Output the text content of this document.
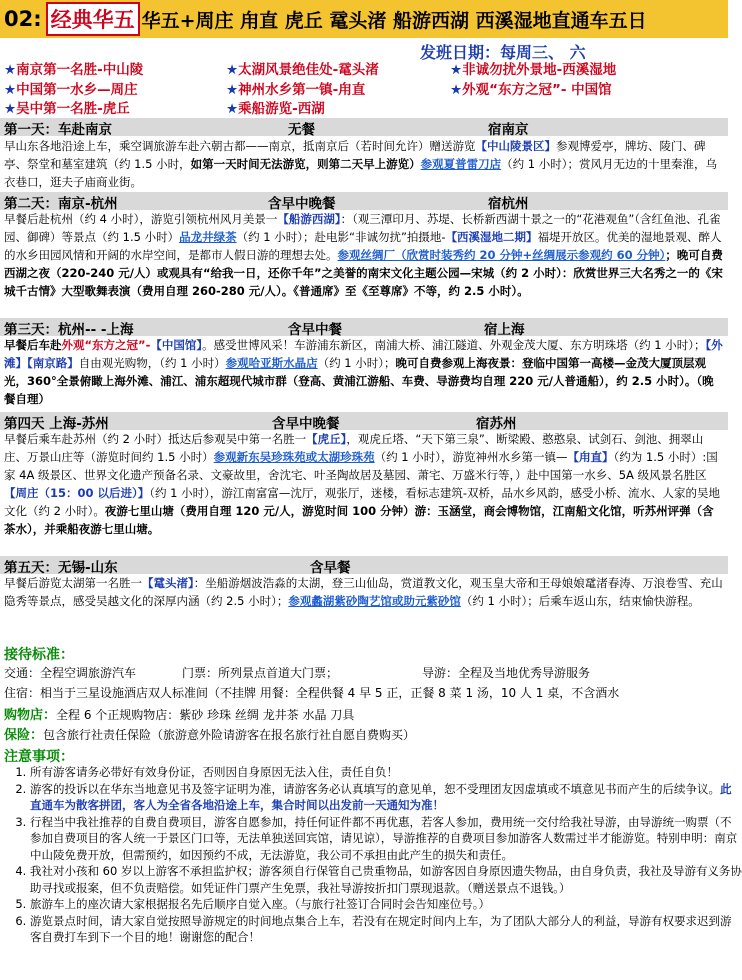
02: 经典华五 华五+周庄 甪直 虎丘 鼋头渚 船游西湖 西溪湿地直通车五日
发班日期：每周三、 六
★南京第一名胜-中山陵	★太湖风景绝佳处-鼋头渚	★非诚勿扰外景地-西溪湿地
★中国第一水乡—周庄	★神州水乡第一镇-甪直	★外观“东方之冠”- 中国馆
★吴中第一名胜-虎丘	★乘船游览-西湖
第一天：车赴南京	无餐	宿南京
早山东各地沿途上车，乘空调旅游车赴六朝古都——南京，抵南京后（若时间允许）赠送游览【中山陵景区】参观博爱亭，牌坊、陵门、碑亭、祭堂和墓室建筑（约 1.5 小时，如第一天时间无法游览，则第二天早上游览）参观夏普雷刀店（约 1 小时）；赏风月无边的十里秦淮，乌衣巷口，逛夫子庙商业街。
第二天：南京-杭州	含早中晚餐	宿杭州
早餐后赴杭州（约 4 小时），游览引领杭州风月美景一【船游西湖】：（观三潭印月、苏堤、长桥新西湖十景之一的“花港观鱼”（含红鱼池、孔雀园、御碑）等景点（约 1.5 小时）品龙井绿茶（约 1 小时）；赴电影“非诚勿扰”拍摄地-【西溪湿地二期】福堤开放区。优美的湿地景观、醉人的水乡田园风情和开阔的水岸空间，是都市人假日游的理想去处。参观丝绸厂（欣赏时装秀约 20 分钟+丝绸展示参观约 60 分钟）；晚可自费西湖之夜（220-240 元/人）或观具有“给我一日，还你千年”之美誉的南宋文化主题公园—宋城（约 2 小时）：欣赏世界三大名秀之一的《宋城千古情》大型歌舞表演（费用自理 260-280 元/人）。《普通席》至《至尊席》不等，约 2.5 小时）。
第三天：杭州-- -上海	含早中餐	宿上海
早餐后车赴外观“东方之冠”-【中国馆】。感受世博风采！车游浦东新区，南浦大桥、浦江隧道、外观金茂大厦、东方明珠塔（约 1 小时）；【外滩】【南京路】自由观光购物，（约 1 小时）参观哈亚斯水晶店（约 1 小时）；晚可自费参观上海夜景：登临中国第一高楼—金茂大厦顶层观光，360°全景俯瞰上海外滩、浦江、浦东超现代城市群（登高、黄浦江游船、车费、导游费均自理 220 元/人普通船），约 2.5 小时）。（晚餐自理）
第四天 上海-苏州	含早中晚餐	宿苏州
早餐后乘车赴苏州（约 2 小时）抵达后参观吴中第一名胜一【虎丘】，观虎丘塔、“天下第三泉”、断梁殿、憨憨泉、试剑石、剑池、拥翠山庄、万景山庄等（游览时间约 1.5 小时）参观新东吴珍珠苑或太湖珍珠苑（约 1 小时），游览神州水乡第一镇—【甪直】（约为 1.5 小时）:国家 4A 级景区、世界文化遗产预备名录、文豪故里，舍沈宅、叶圣陶故居及墓园、萧宅、万盛米行等，）赴中国第一水乡、5A 级风景名胜区【周庄（15：00 以后进）】（约 1 小时），游江南富富—沈厅，观张厅，迷楼，看标志建筑-双桥，品水乡风韵，感受小桥、流水、人家的吴地文化（约 2 小时）。夜游七里山塘（费用自理 120 元/人，游览时间 100 分钟）游：玉涵堂，商会博物馆，江南船文化馆，听苏州评弹（含茶水），并乘船夜游七里山塘。
第五天：无锡-山东	含早餐
早餐后游览太湖第一名胜一【鼋头渚】：坐船游烟波浩淼的太湖，登三山仙岛，赏道教文化，观玉皇大帝和王母娘娘鼋渚春涛、万浪卷雪、充山隐秀等景点，感受吴越文化的深厚内涵（约 2.5 小时）；参观蠡湖紫砂陶艺馆或助元紫砂馆（约 1 小时）；后乘车返山东，结束愉快游程。
接待标准：
交通：全程空调旅游汽车	门票：所列景点首道大门票；	导游：全程及当地优秀导游服务
住宿：相当于三星设施酒店双人标准间（不挂牌 用餐：全程供餐 4 早 5 正，正餐 8 菜 1 汤，10 人 1 桌，不含酒水
购物店：全程 6 个正规购物店：紫砂 珍珠 丝绸 龙井茶 水晶 刀具
保险：包含旅行社责任保险（旅游意外险请游客在报名旅行社自愿自费购买）
注意事项：
1. 所有游客请务必带好有效身份证，否则因自身原因无法入住，责任自负！
2. 游客的投诉以在华东当地意见书及签字证明为准，请游客务必认真填写的意见单，恕不受理团友因虚填或不填意见书而产生的后续争议。此直通车为散客拼团，客人为全省各地沿途上车，集合时间以出发前一天通知为准！
3. 行程当中我社推荐的自费自费项目，游客自愿参加，持任何证件都不再优惠，若客人参加，费用统一交付给我社导游，由导游统一购票（不参加自费项目的客人统一于景区门口等，无法单独送回宾馆，请见谅），导游推荐的自费项目参加游客人数需过半才能游览。特别申明：南京中山陵免费开放，但需预约，如因预约不成，无法游览，我公司不承担由此产生的损失和责任。
4. 我社对小孩和 60 岁以上游客不承担监护权；游客须自行保管自己贵重物品，如游客因自身原因遗失物品，由自身负责，我社及导游有义务协助寻找或报案，但不负责赔偿。如凭证件门票产生免票，我社导游按折扣门票现退款。（赠送景点不退钱。）
5. 旅游车上的座次请大家根据报名先后顺序自觉入座。（与旅行社签订合同时会告知座位号。）
6. 游览景点时间，请大家自觉按照导游规定的时间地点集合上车，若没有在规定时间内上车，为了团队大部分人的利益，导游有权要求迟到游客自费打车到下一个目的地！谢谢您的配合！
